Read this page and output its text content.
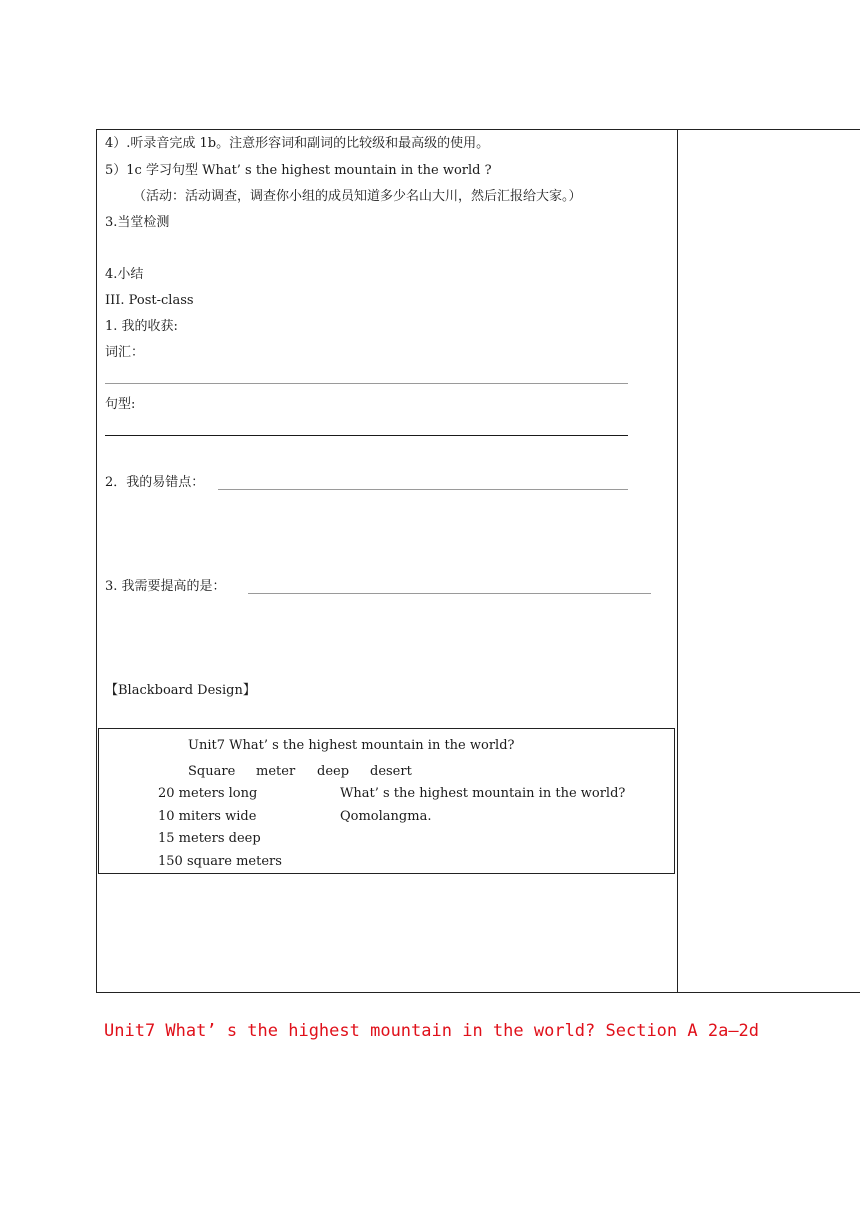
4）.听录音完成 1b。注意形容词和副词的比较级和最高级的使用。
5）1c 学习句型 What’ s the highest mountain in the world ?
（活动：活动调查，调查你小组的成员知道多少名山大川，然后汇报给大家。）
3.当堂检测
4.小结
III. Post-class
1. 我的收获:
词汇：
句型:
2．我的易错点：
3. 我需要提高的是：
【Blackboard Design】
Unit7 What’ s the highest mountain in the world?
Square meter deep desert
20 meters long
10 miters wide
15 meters deep
150 square meters
What’ s the highest mountain in the world?
Qomolangma.
Unit7 What’ s the highest mountain in the world? Section A 2a—2d
